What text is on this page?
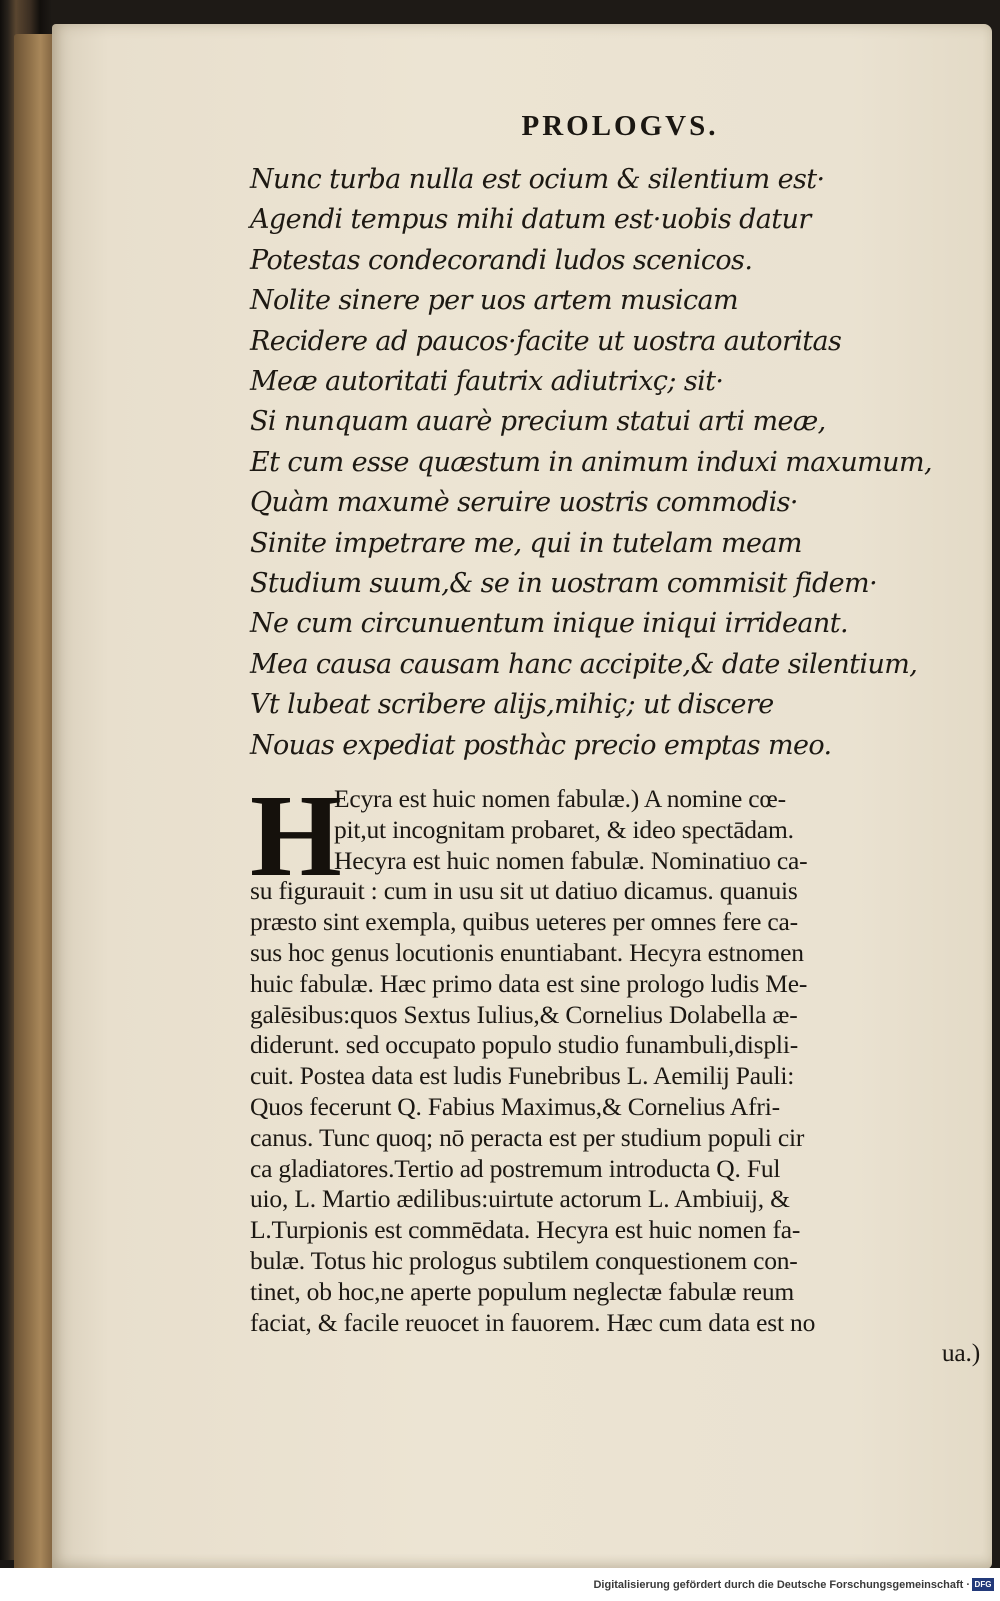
PROLOGVS.
Nunc turba nulla est ocium & silentium est·
Agendi tempus mihi datum est·uobis datur
Potestas condecorandi ludos scenicos.
Nolite sinere per uos artem musicam
Recidere ad paucos·facite ut uostra autoritas
Meæ autoritati fautrix adiutrixç; sit·
Si nunquam auarè precium statui arti meæ,
Et cum esse quæstum in animum induxi maxumum,
Quàm maxumè seruire uostris commodis·
Sinite impetrare me, qui in tutelam meam
Studium suum,& se in uostram commisit fidem·
Ne cum circunuentum inique iniqui irrideant.
Mea causa causam hanc accipite,& date silentium,
Vt lubeat scribere alijs,mihiç; ut discere
Nouas expediat posthàc precio emptas meo.
H
Ecyra est huic nomen fabulæ.) A nomine cœ-
pit,ut incognitam probaret, & ideo spectādam.
Hecyra est huic nomen fabulæ. Nominatiuo ca-
su figurauit : cum in usu sit ut datiuo dicamus. quanuis
præsto sint exempla, quibus ueteres per omnes fere ca-
sus hoc genus locutionis enuntiabant. Hecyra estnomen
huic fabulæ. Hæc primo data est sine prologo ludis Me-
galēsibus:quos Sextus Iulius,& Cornelius Dolabella æ-
diderunt. sed occupato populo studio funambuli,displi-
cuit. Postea data est ludis Funebribus L. Aemilij Pauli:
Quos fecerunt Q. Fabius Maximus,& Cornelius Afri-
canus. Tunc quoq; nō peracta est per studium populi cir
ca gladiatores.Tertio ad postremum introducta Q. Ful
uio, L. Martio ædilibus:uirtute actorum L. Ambiuij, &
L.Turpionis est commēdata. Hecyra est huic nomen fa-
bulæ. Totus hic prologus subtilem conquestionem con-
tinet, ob hoc,ne aperte populum neglectæ fabulæ reum
faciat, & facile reuocet in fauorem. Hæc cum data est no
ua.)
Digitalisierung gefördert durch die Deutsche Forschungsgemeinschaft · DFG
